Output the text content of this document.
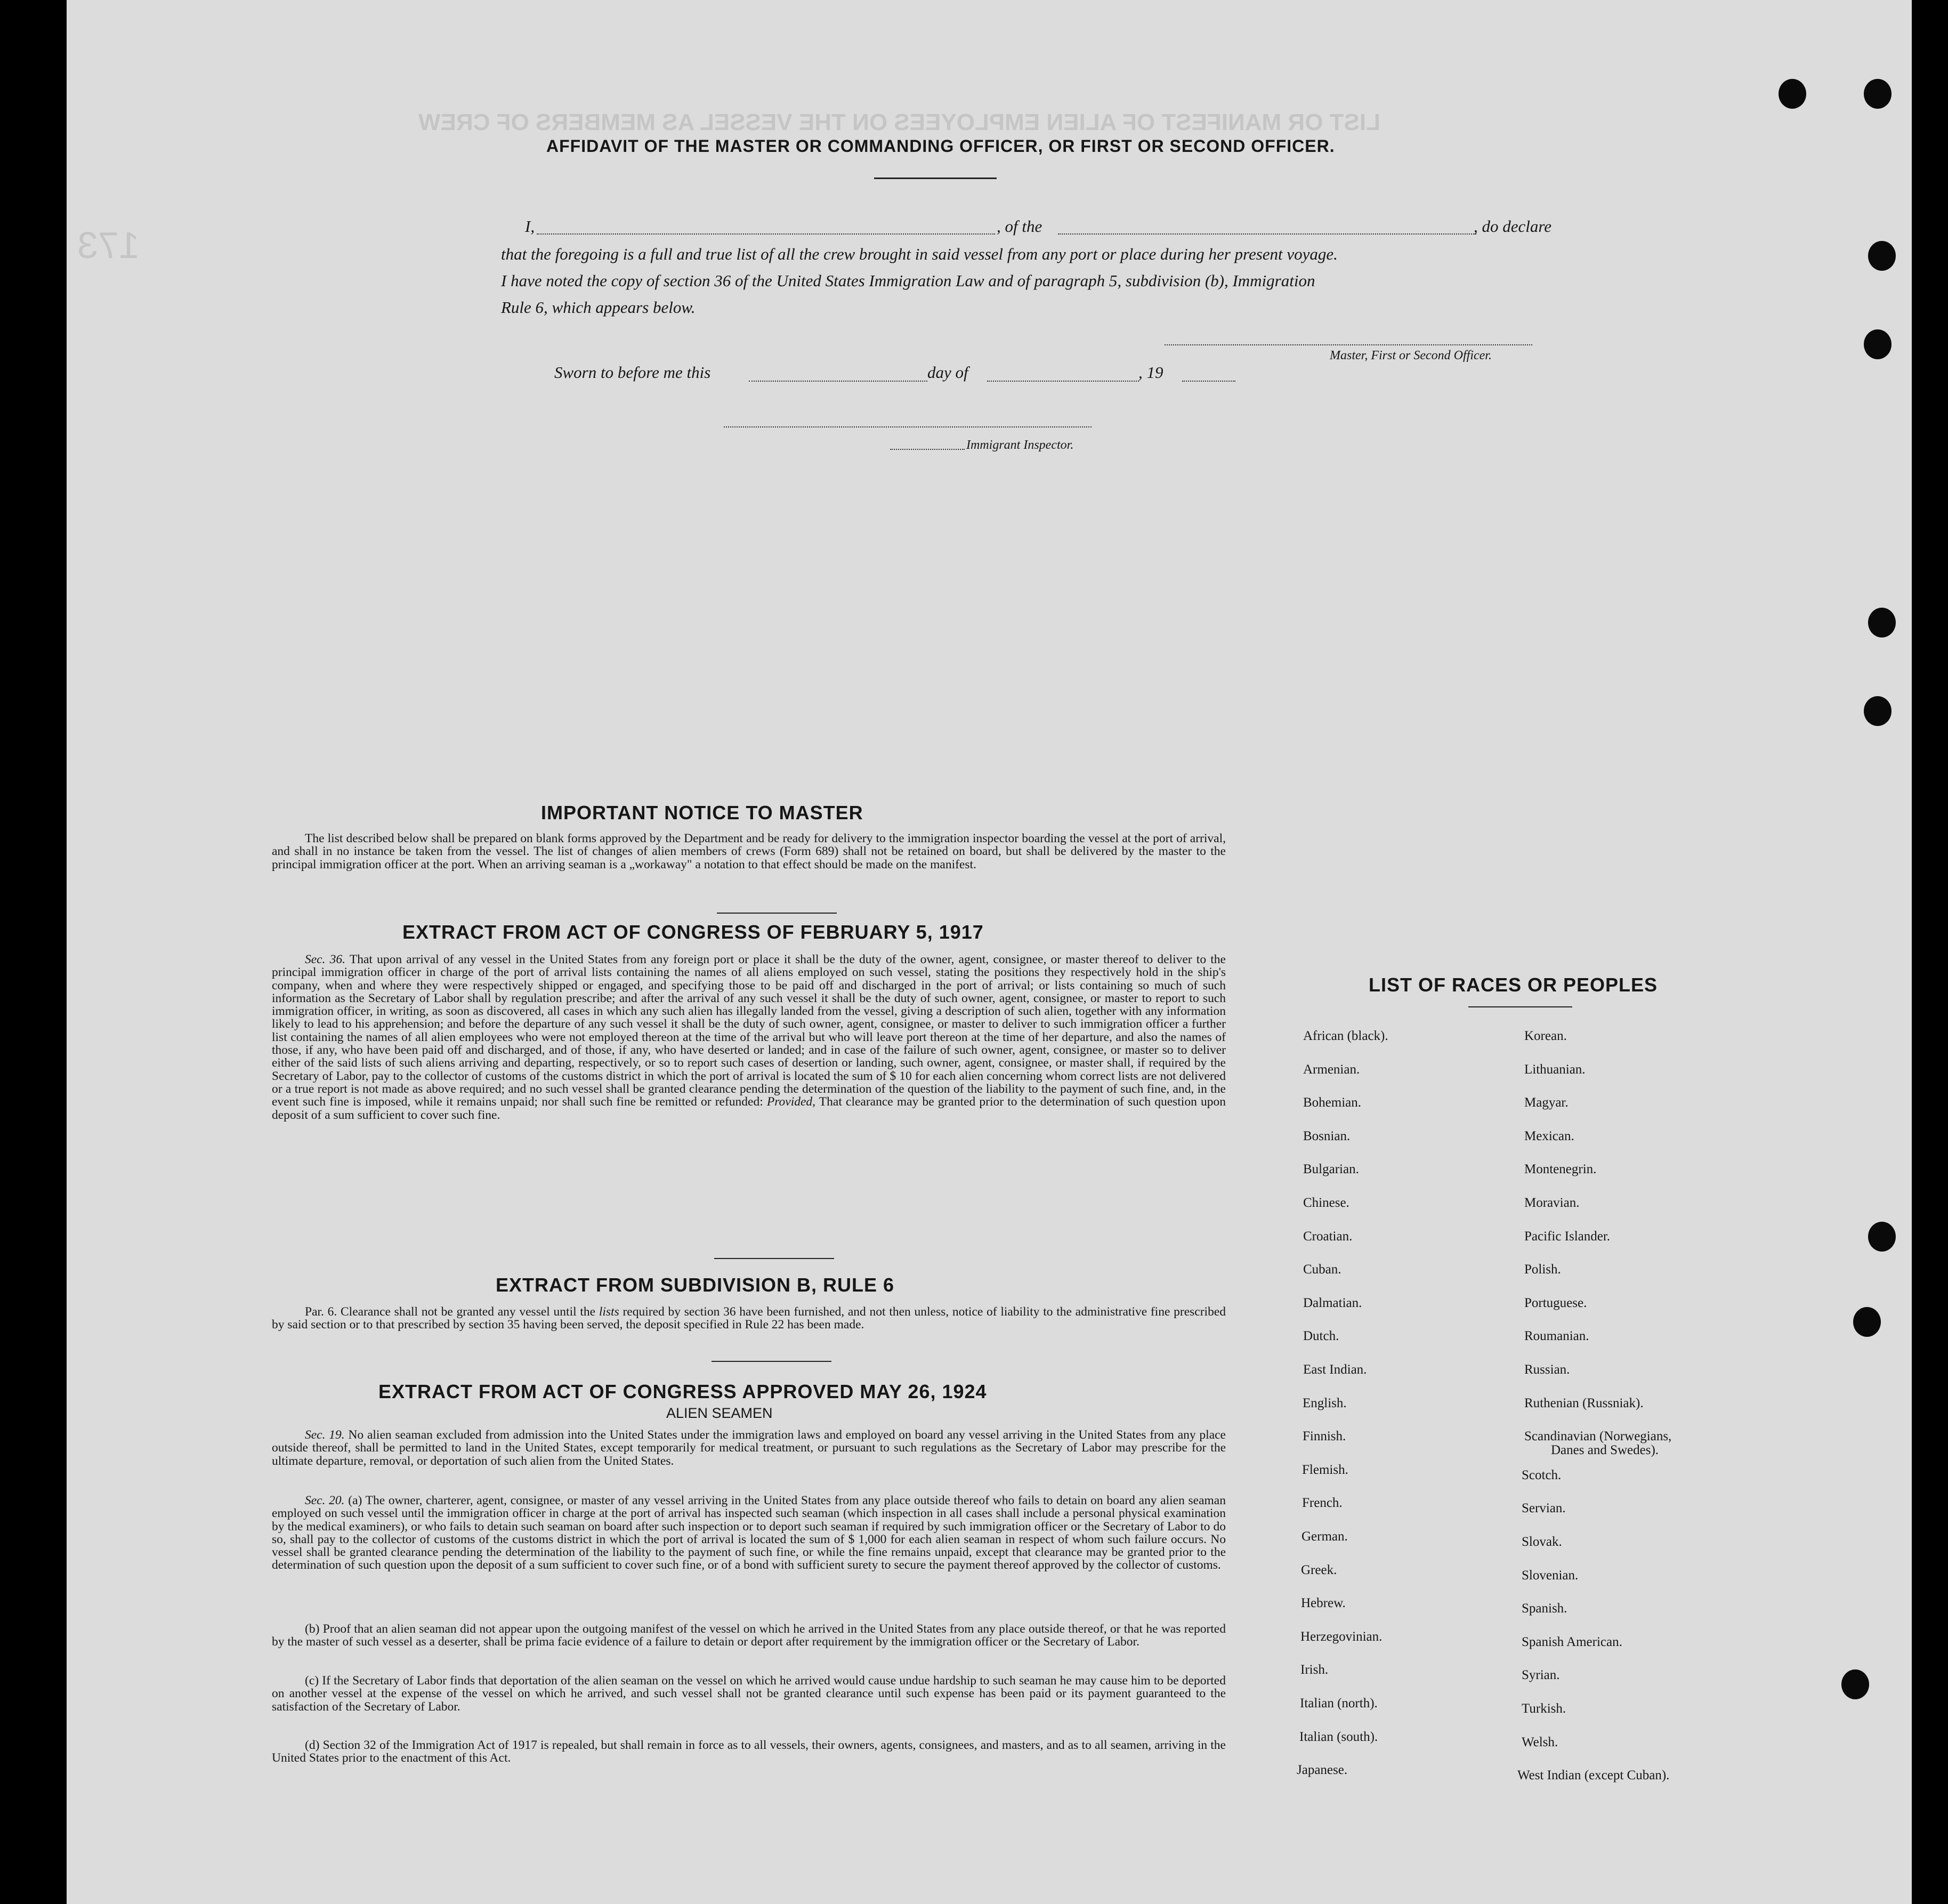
LIST OR MANIFEST OF ALIEN EMPLOYEES ON THE VESSEL AS MEMBERS OF CREW
173
AFFIDAVIT OF THE MASTER OR COMMANDING OFFICER, OR FIRST OR SECOND OFFICER.
I,	, of the	, do declare
that the foregoing is a full and true list of all the crew brought in said vessel from any port or place during her present voyage.
I have noted the copy of section 36 of the United States Immigration Law and of paragraph 5, subdivision (b), Immigration
Rule 6, which appears below.
Master, First or Second Officer.
Sworn to before me this	day of	, 19
Immigrant Inspector.
IMPORTANT NOTICE TO MASTER

The list described below shall be prepared on blank forms approved by the Department and be ready for delivery to the immigration inspector boarding the vessel at the port of arrival, and shall in no instance be taken from the vessel. The list of changes of alien members of crews (Form 689) shall not be retained on board, but shall be delivered by the master to the principal immigration officer at the port. When an arriving seaman is a „workaway" a notation to that effect should be made on the manifest.

EXTRACT FROM ACT OF CONGRESS OF FEBRUARY 5, 1917

Sec. 36. That upon arrival of any vessel in the United States from any foreign port or place it shall be the duty of the owner, agent, consignee, or master thereof to deliver to the principal immigration officer in charge of the port of arrival lists containing the names of all aliens employed on such vessel, stating the positions they respectively hold in the ship's company, when and where they were respectively shipped or engaged, and specifying those to be paid off and discharged in the port of arrival; or lists containing so much of such information as the Secretary of Labor shall by regulation prescribe; and after the arrival of any such vessel it shall be the duty of such owner, agent, consignee, or master to report to such immigration officer, in writing, as soon as discovered, all cases in which any such alien has illegally landed from the vessel, giving a description of such alien, together with any information likely to lead to his apprehension; and before the departure of any such vessel it shall be the duty of such owner, agent, consignee, or master to deliver to such immigration officer a further list containing the names of all alien employees who were not employed thereon at the time of the arrival but who will leave port thereon at the time of her departure, and also the names of those, if any, who have been paid off and discharged, and of those, if any, who have deserted or landed; and in case of the failure of such owner, agent, consignee, or master so to deliver either of the said lists of such aliens arriving and departing, respectively, or so to report such cases of desertion or landing, such owner, agent, consignee, or master shall, if required by the Secretary of Labor, pay to the collector of customs of the customs district in which the port of arrival is located the sum of $ 10 for each alien concerning whom correct lists are not delivered or a true report is not made as above required; and no such vessel shall be granted clearance pending the determination of the question of the liability to the payment of such fine, and, in the event such fine is imposed, while it remains unpaid; nor shall such fine be remitted or refunded: Provided, That clearance may be granted prior to the determination of such question upon deposit of a sum sufficient to cover such fine.

EXTRACT FROM SUBDIVISION B, RULE 6

Par. 6. Clearance shall not be granted any vessel until the lists required by section 36 have been furnished, and not then unless, notice of liability to the administrative fine prescribed by said section or to that prescribed by section 35 having been served, the deposit specified in Rule 22 has been made.

EXTRACT FROM ACT OF CONGRESS APPROVED MAY 26, 1924
ALIEN SEAMEN

Sec. 19. No alien seaman excluded from admission into the United States under the immigration laws and employed on board any vessel arriving in the United States from any place outside thereof, shall be permitted to land in the United States, except temporarily for medical treatment, or pursuant to such regulations as the Secretary of Labor may prescribe for the ultimate departure, removal, or deportation of such alien from the United States.

Sec. 20. (a) The owner, charterer, agent, consignee, or master of any vessel arriving in the United States from any place outside thereof who fails to detain on board any alien seaman employed on such vessel until the immigration officer in charge at the port of arrival has inspected such seaman (which inspection in all cases shall include a personal physical examination by the medical examiners), or who fails to detain such seaman on board after such inspection or to deport such seaman if required by such immigration officer or the Secretary of Labor to do so, shall pay to the collector of customs of the customs district in which the port of arrival is located the sum of $ 1,000 for each alien seaman in respect of whom such failure occurs. No vessel shall be granted clearance pending the determination of the liability to the payment of such fine, or while the fine remains unpaid, except that clearance may be granted prior to the determination of such question upon the deposit of a sum sufficient to cover such fine, or of a bond with sufficient surety to secure the payment thereof approved by the collector of customs.

(b) Proof that an alien seaman did not appear upon the outgoing manifest of the vessel on which he arrived in the United States from any place outside thereof, or that he was reported by the master of such vessel as a deserter, shall be prima facie evidence of a failure to detain or deport after requirement by the immigration officer or the Secretary of Labor.

(c) If the Secretary of Labor finds that deportation of the alien seaman on the vessel on which he arrived would cause undue hardship to such seaman he may cause him to be deported on another vessel at the expense of the vessel on which he arrived, and such vessel shall not be granted clearance until such expense has been paid or its payment guaranteed to the satisfaction of the Secretary of Labor.

(d) Section 32 of the Immigration Act of 1917 is repealed, but shall remain in force as to all vessels, their owners, agents, consignees, and masters, and as to all seamen, arriving in the United States prior to the enactment of this Act.

LIST OF RACES OR PEOPLES
African (black).
Armenian.
Bohemian.
Bosnian.
Bulgarian.
Chinese.
Croatian.
Cuban.
Dalmatian.
Dutch.
East Indian.
English.
Finnish.
Flemish.
French.
German.
Greek.
Hebrew.
Herzegovinian.
Irish.
Italian (north).
Italian (south).
Japanese.
Korean.
Lithuanian.
Magyar.
Mexican.
Montenegrin.
Moravian.
Pacific Islander.
Polish.
Portuguese.
Roumanian.
Russian.
Ruthenian (Russniak).
Scandinavian (Norwegians,
Danes and Swedes).
Scotch.
Servian.
Slovak.
Slovenian.
Spanish.
Spanish American.
Syrian.
Turkish.
Welsh.
West Indian (except Cuban).
